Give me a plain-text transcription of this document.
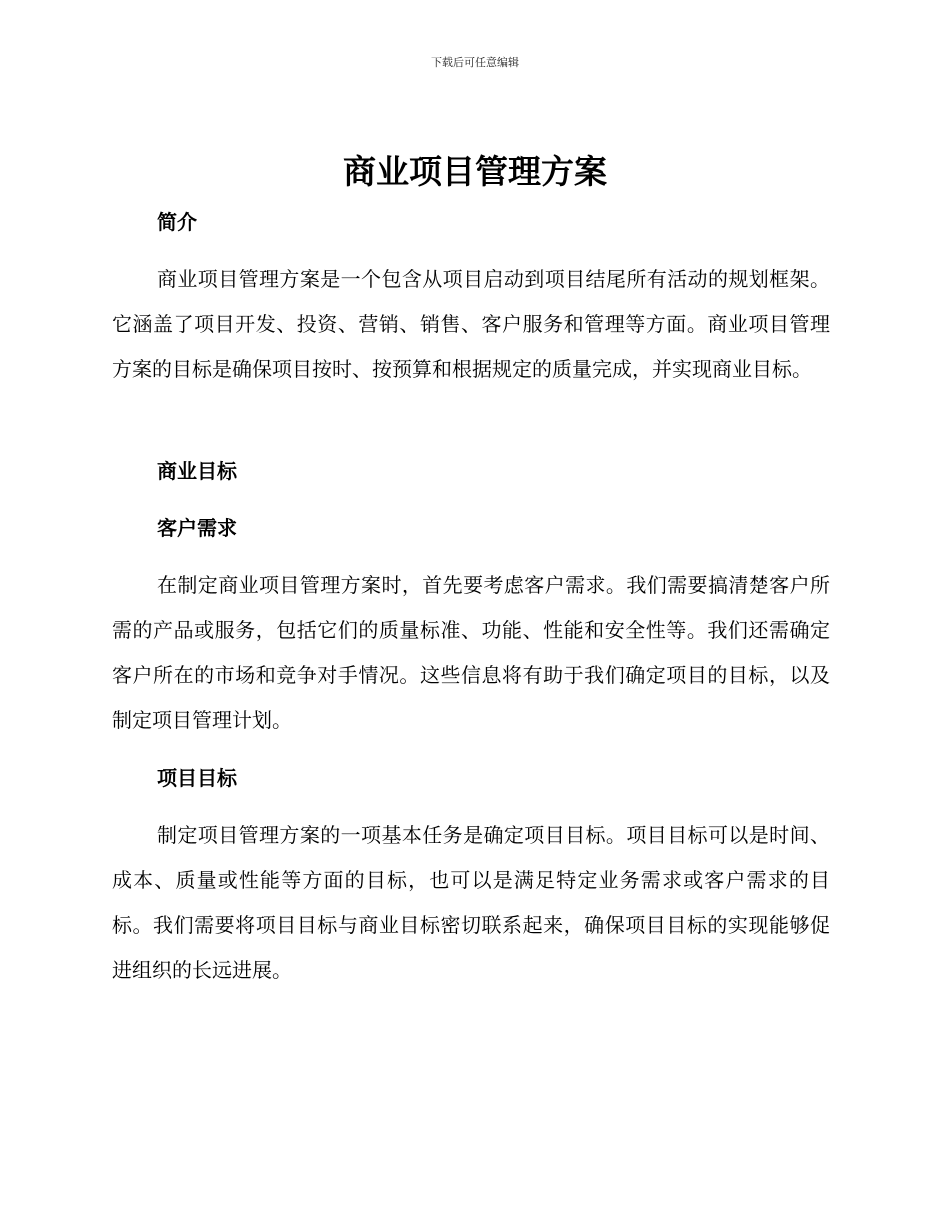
下载后可任意编辑
商业项目管理方案
简介
商业项目管理方案是一个包含从项目启动到项目结尾所有活动的规划框架。它涵盖了项目开发、投资、营销、销售、客户服务和管理等方面。商业项目管理方案的目标是确保项目按时、按预算和根据规定的质量完成，并实现商业目标。
商业目标
客户需求
在制定商业项目管理方案时，首先要考虑客户需求。我们需要搞清楚客户所需的产品或服务，包括它们的质量标准、功能、性能和安全性等。我们还需确定客户所在的市场和竞争对手情况。这些信息将有助于我们确定项目的目标，以及制定项目管理计划。
项目目标
制定项目管理方案的一项基本任务是确定项目目标。项目目标可以是时间、成本、质量或性能等方面的目标，也可以是满足特定业务需求或客户需求的目标。我们需要将项目目标与商业目标密切联系起来，确保项目目标的实现能够促进组织的长远进展。
